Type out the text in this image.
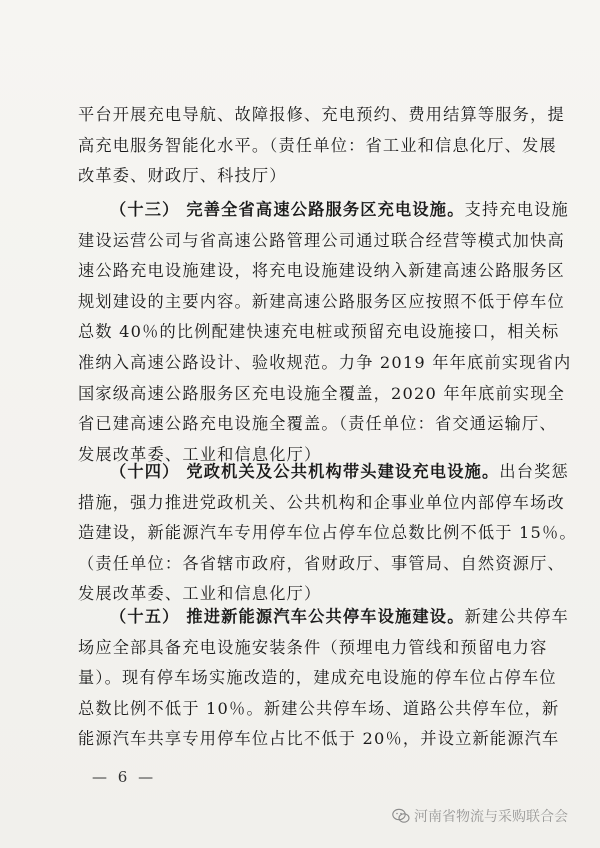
平台开展充电导航、故障报修、充电预约、费用结算等服务，提
高充电服务智能化水平。（责任单位：省工业和信息化厅、发展
改革委、财政厅、科技厅）
（十三） 完善全省高速公路服务区充电设施。支持充电设施
建设运营公司与省高速公路管理公司通过联合经营等模式加快高
速公路充电设施建设，将充电设施建设纳入新建高速公路服务区
规划建设的主要内容。新建高速公路服务区应按照不低于停车位
总数 40％的比例配建快速充电桩或预留充电设施接口，相关标
准纳入高速公路设计、验收规范。力争 2019 年年底前实现省内
国家级高速公路服务区充电设施全覆盖，2020 年年底前实现全
省已建高速公路充电设施全覆盖。（责任单位：省交通运输厅、
发展改革委、工业和信息化厅）
（十四） 党政机关及公共机构带头建设充电设施。出台奖惩
措施，强力推进党政机关、公共机构和企事业单位内部停车场改
造建设，新能源汽车专用停车位占停车位总数比例不低于 15％。
（责任单位：各省辖市政府，省财政厅、事管局、自然资源厅、
发展改革委、工业和信息化厅）
（十五） 推进新能源汽车公共停车设施建设。新建公共停车
场应全部具备充电设施安装条件（预埋电力管线和预留电力容
量）。现有停车场实施改造的，建成充电设施的停车位占停车位
总数比例不低于 10％。新建公共停车场、道路公共停车位，新
能源汽车共享专用停车位占比不低于 20％，并设立新能源汽车
— 6 —
河南省物流与采购联合会
